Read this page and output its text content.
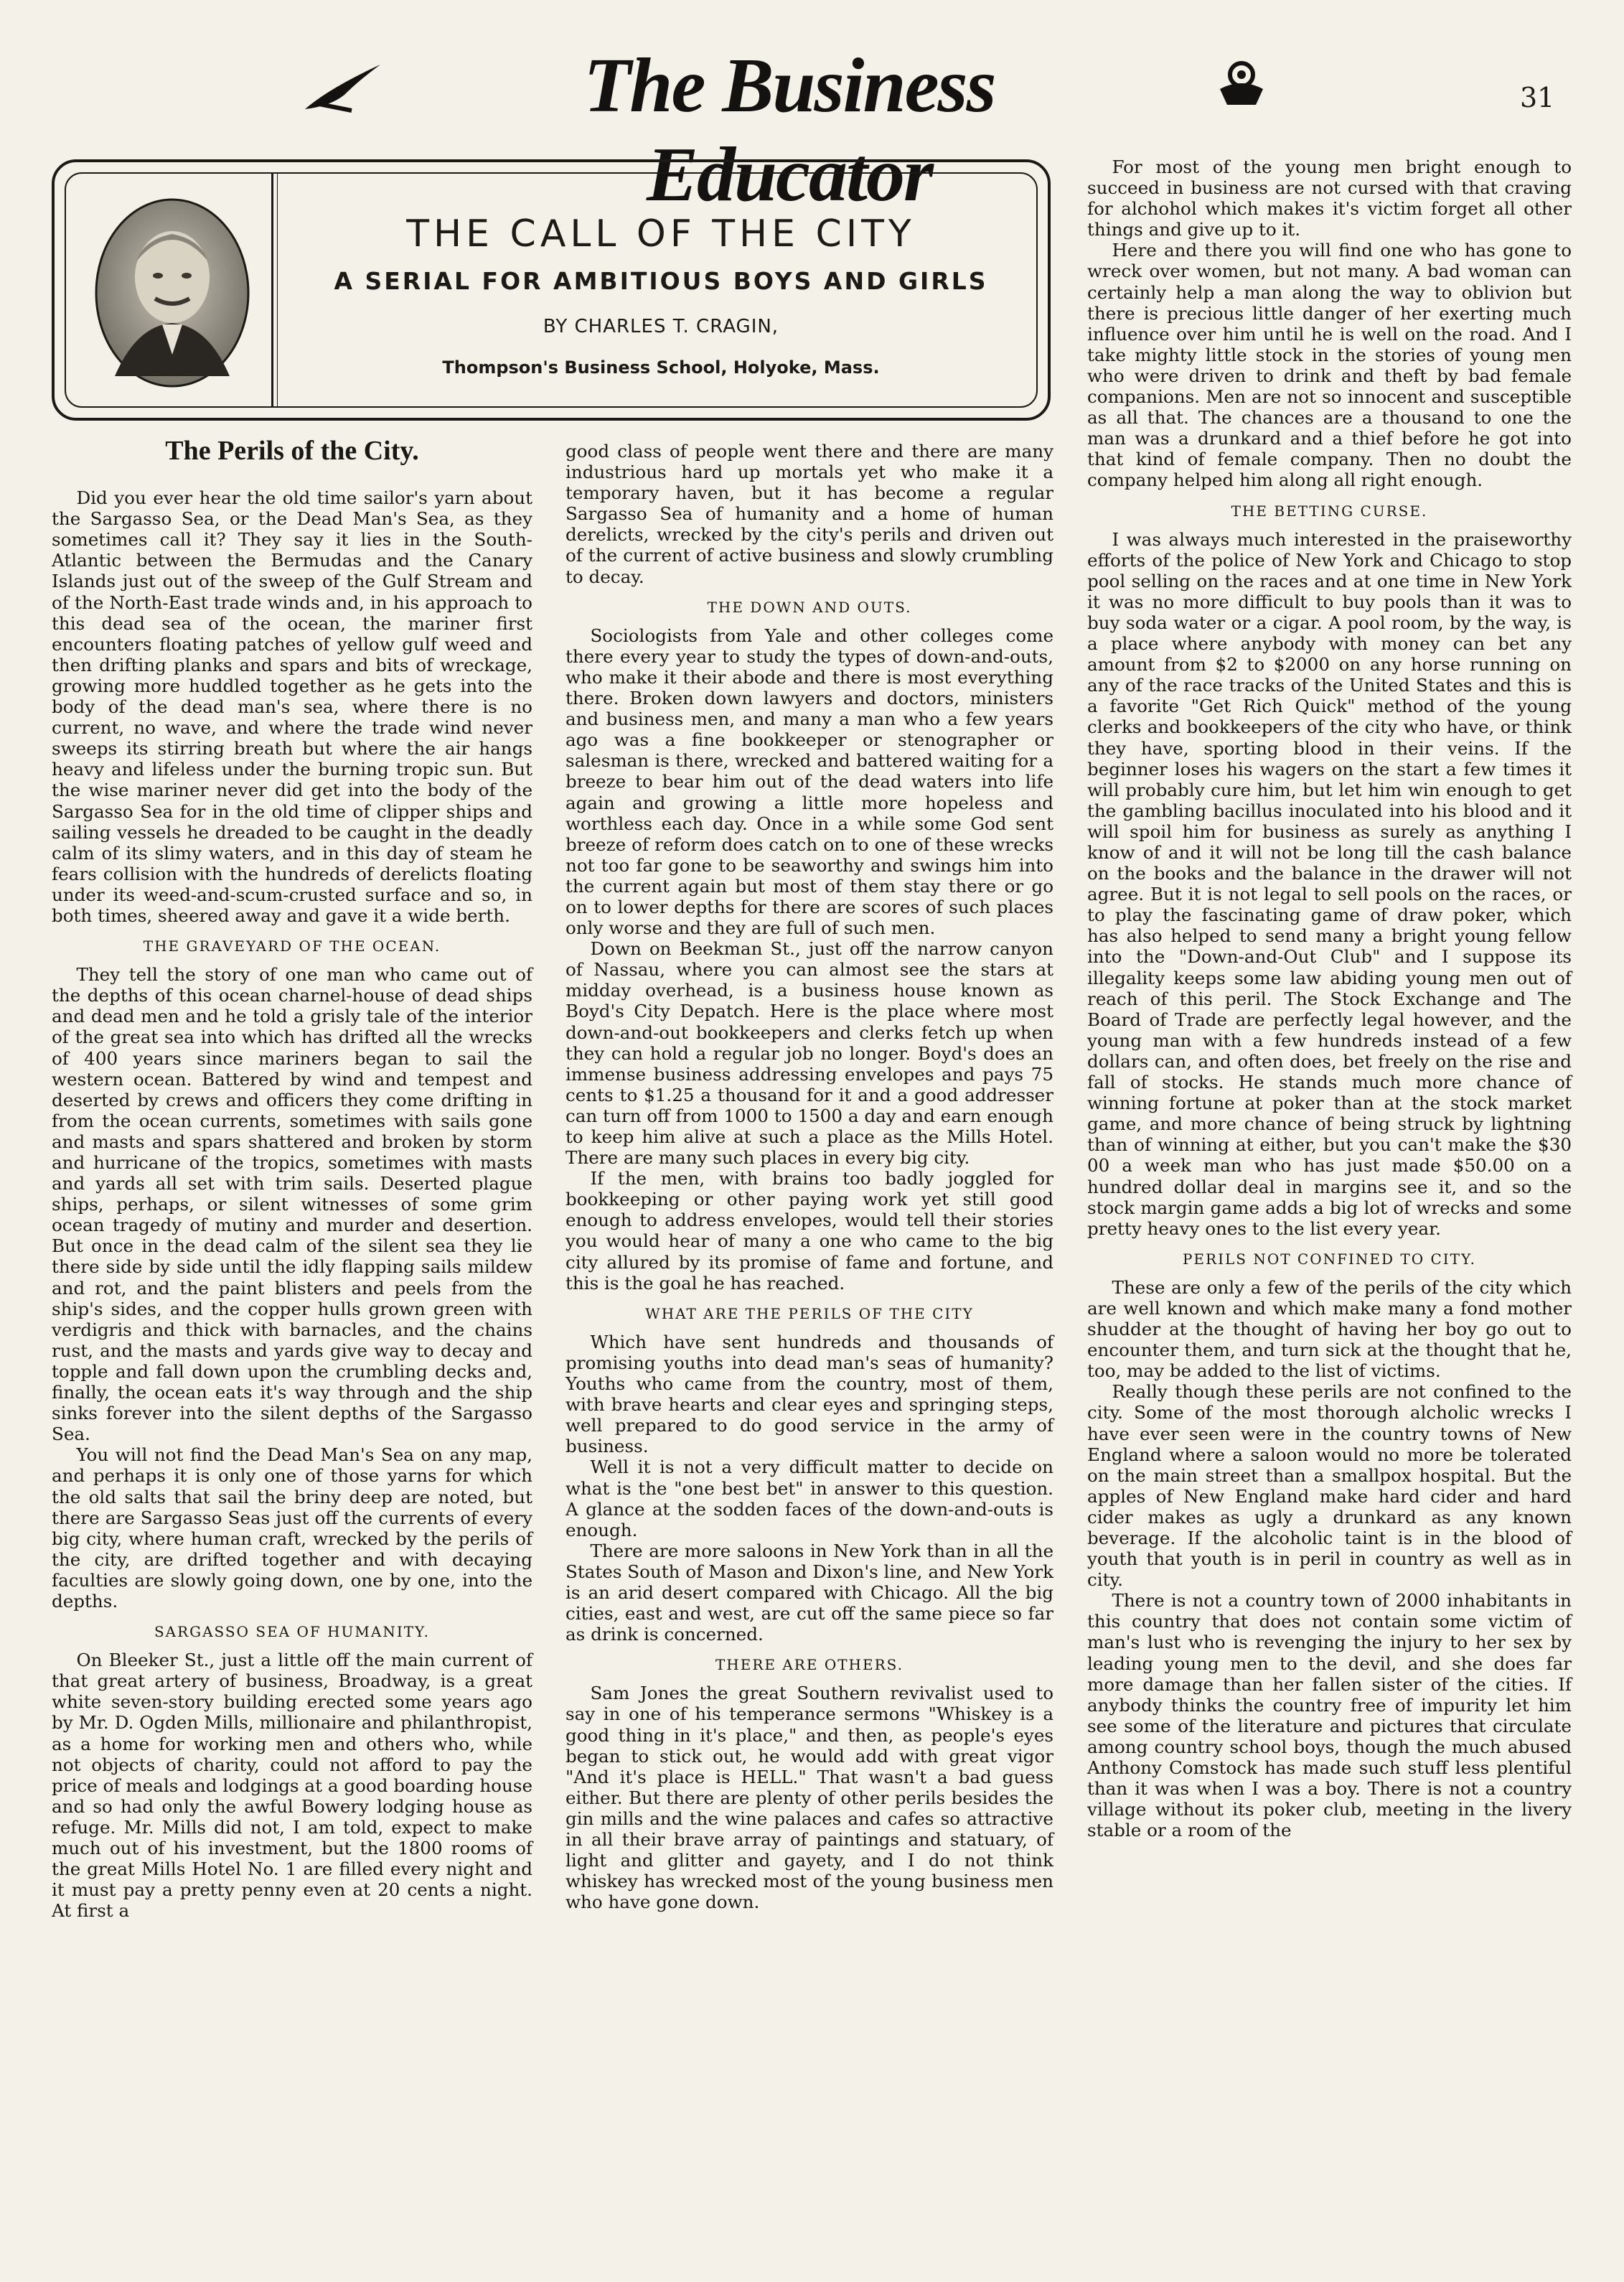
The Business Educator
31
THE CALL OF THE CITY
A SERIAL FOR AMBITIOUS BOYS AND GIRLS
BY CHARLES T. CRAGIN,
Thompson's Business School, Holyoke, Mass.
The Perils of the City.

Did you ever hear the old time sailor's yarn about the Sargasso Sea, or the Dead Man's Sea, as they sometimes call it? They say it lies in the South-Atlantic between the Bermudas and the Canary Islands just out of the sweep of the Gulf Stream and of the North-East trade winds and, in his approach to this dead sea of the ocean, the mariner first encounters floating patches of yellow gulf weed and then drifting planks and spars and bits of wreckage, growing more huddled together as he gets into the body of the dead man's sea, where there is no current, no wave, and where the trade wind never sweeps its stirring breath but where the air hangs heavy and lifeless under the burning tropic sun. But the wise mariner never did get into the body of the Sargasso Sea for in the old time of clipper ships and sailing vessels he dreaded to be caught in the deadly calm of its slimy waters, and in this day of steam he fears collision with the hundreds of derelicts floating under its weed-and-scum-crusted surface and so, in both times, sheered away and gave it a wide berth.

THE GRAVEYARD OF THE OCEAN.

They tell the story of one man who came out of the depths of this ocean charnel-house of dead ships and dead men and he told a grisly tale of the interior of the great sea into which has drifted all the wrecks of 400 years since mariners began to sail the western ocean. Battered by wind and tempest and deserted by crews and officers they come drifting in from the ocean currents, sometimes with sails gone and masts and spars shattered and broken by storm and hurricane of the tropics, sometimes with masts and yards all set with trim sails. Deserted plague ships, perhaps, or silent witnesses of some grim ocean tragedy of mutiny and murder and desertion. But once in the dead calm of the silent sea they lie there side by side until the idly flapping sails mildew and rot, and the paint blisters and peels from the ship's sides, and the copper hulls grown green with verdigris and thick with barnacles, and the chains rust, and the masts and yards give way to decay and topple and fall down upon the crumbling decks and, finally, the ocean eats it's way through and the ship sinks forever into the silent depths of the Sargasso Sea.

You will not find the Dead Man's Sea on any map, and perhaps it is only one of those yarns for which the old salts that sail the briny deep are noted, but there are Sargasso Seas just off the currents of every big city, where human craft, wrecked by the perils of the city, are drifted together and with decaying faculties are slowly going down, one by one, into the depths.

SARGASSO SEA OF HUMANITY.

On Bleeker St., just a little off the main current of that great artery of business, Broadway, is a great white seven-story building erected some years ago by Mr. D. Ogden Mills, millionaire and philanthropist, as a home for working men and others who, while not objects of charity, could not afford to pay the price of meals and lodgings at a good boarding house and so had only the awful Bowery lodging house as refuge. Mr. Mills did not, I am told, expect to make much out of his investment, but the 1800 rooms of the great Mills Hotel No. 1 are filled every night and it must pay a pretty penny even at 20 cents a night. At first a

good class of people went there and there are many industrious hard up mortals yet who make it a temporary haven, but it has become a regular Sargasso Sea of humanity and a home of human derelicts, wrecked by the city's perils and driven out of the current of active business and slowly crumbling to decay.

THE DOWN AND OUTS.

Sociologists from Yale and other colleges come there every year to study the types of down-and-outs, who make it their abode and there is most everything there. Broken down lawyers and doctors, ministers and business men, and many a man who a few years ago was a fine bookkeeper or stenographer or salesman is there, wrecked and battered waiting for a breeze to bear him out of the dead waters into life again and growing a little more hopeless and worthless each day. Once in a while some God sent breeze of reform does catch on to one of these wrecks not too far gone to be seaworthy and swings him into the current again but most of them stay there or go on to lower depths for there are scores of such places only worse and they are full of such men.

Down on Beekman St., just off the narrow canyon of Nassau, where you can almost see the stars at midday overhead, is a business house known as Boyd's City Depatch. Here is the place where most down-and-out bookkeepers and clerks fetch up when they can hold a regular job no longer. Boyd's does an immense business addressing envelopes and pays 75 cents to $1.25 a thousand for it and a good addresser can turn off from 1000 to 1500 a day and earn enough to keep him alive at such a place as the Mills Hotel. There are many such places in every big city.

If the men, with brains too badly joggled for bookkeeping or other paying work yet still good enough to address envelopes, would tell their stories you would hear of many a one who came to the big city allured by its promise of fame and fortune, and this is the goal he has reached.

WHAT ARE THE PERILS OF THE CITY

Which have sent hundreds and thousands of promising youths into dead man's seas of humanity? Youths who came from the country, most of them, with brave hearts and clear eyes and springing steps, well prepared to do good service in the army of business.

Well it is not a very difficult matter to decide on what is the "one best bet" in answer to this question. A glance at the sodden faces of the down-and-outs is enough.

There are more saloons in New York than in all the States South of Mason and Dixon's line, and New York is an arid desert compared with Chicago. All the big cities, east and west, are cut off the same piece so far as drink is concerned.

THERE ARE OTHERS.

Sam Jones the great Southern revivalist used to say in one of his temperance sermons "Whiskey is a good thing in it's place," and then, as people's eyes began to stick out, he would add with great vigor "And it's place is HELL." That wasn't a bad guess either. But there are plenty of other perils besides the gin mills and the wine palaces and cafes so attractive in all their brave array of paintings and statuary, of light and glitter and gayety, and I do not think whiskey has wrecked most of the young business men who have gone down.

For most of the young men bright enough to succeed in business are not cursed with that craving for alchohol which makes it's victim forget all other things and give up to it.

Here and there you will find one who has gone to wreck over women, but not many. A bad woman can certainly help a man along the way to oblivion but there is precious little danger of her exerting much influence over him until he is well on the road. And I take mighty little stock in the stories of young men who were driven to drink and theft by bad female companions. Men are not so innocent and susceptible as all that. The chances are a thousand to one the man was a drunkard and a thief before he got into that kind of female company. Then no doubt the company helped him along all right enough.

THE BETTING CURSE.

I was always much interested in the praiseworthy efforts of the police of New York and Chicago to stop pool selling on the races and at one time in New York it was no more difficult to buy pools than it was to buy soda water or a cigar. A pool room, by the way, is a place where anybody with money can bet any amount from $2 to $2000 on any horse running on any of the race tracks of the United States and this is a favorite "Get Rich Quick" method of the young clerks and bookkeepers of the city who have, or think they have, sporting blood in their veins. If the beginner loses his wagers on the start a few times it will probably cure him, but let him win enough to get the gambling bacillus inoculated into his blood and it will spoil him for business as surely as anything I know of and it will not be long till the cash balance on the books and the balance in the drawer will not agree. But it is not legal to sell pools on the races, or to play the fascinating game of draw poker, which has also helped to send many a bright young fellow into the "Down-and-Out Club" and I suppose its illegality keeps some law abiding young men out of reach of this peril. The Stock Exchange and The Board of Trade are perfectly legal however, and the young man with a few hundreds instead of a few dollars can, and often does, bet freely on the rise and fall of stocks. He stands much more chance of winning fortune at poker than at the stock market game, and more chance of being struck by lightning than of winning at either, but you can't make the $30 00 a week man who has just made $50.00 on a hundred dollar deal in margins see it, and so the stock margin game adds a big lot of wrecks and some pretty heavy ones to the list every year.

PERILS NOT CONFINED TO CITY.

These are only a few of the perils of the city which are well known and which make many a fond mother shudder at the thought of having her boy go out to encounter them, and turn sick at the thought that he, too, may be added to the list of victims.

Really though these perils are not confined to the city. Some of the most thorough alcholic wrecks I have ever seen were in the country towns of New England where a saloon would no more be tolerated on the main street than a smallpox hospital. But the apples of New England make hard cider and hard cider makes as ugly a drunkard as any known beverage. If the alcoholic taint is in the blood of youth that youth is in peril in country as well as in city.

There is not a country town of 2000 inhabitants in this country that does not contain some victim of man's lust who is revenging the injury to her sex by leading young men to the devil, and she does far more damage than her fallen sister of the cities. If anybody thinks the country free of impurity let him see some of the literature and pictures that circulate among country school boys, though the much abused Anthony Comstock has made such stuff less plentiful than it was when I was a boy. There is not a country village without its poker club, meeting in the livery stable or a room of the
